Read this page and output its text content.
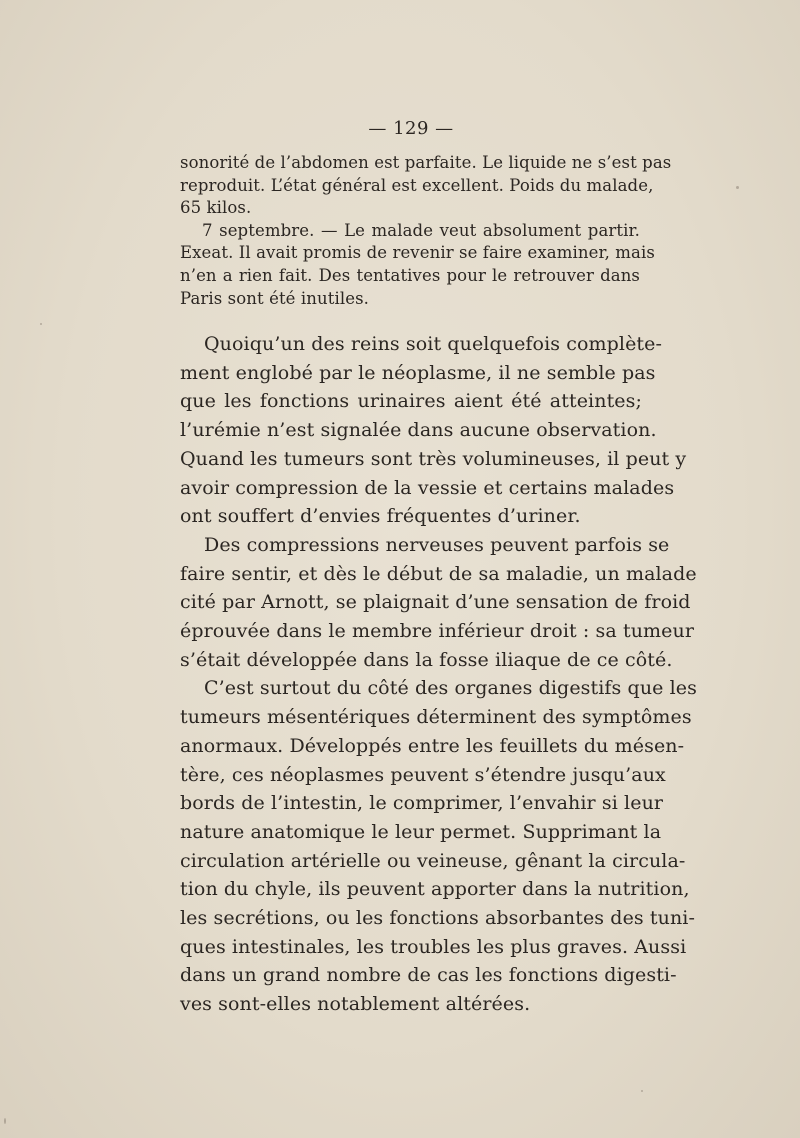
— 129 —
sonorité de l’abdomen est parfaite. Le liquide ne s’est pas
reproduit. L’état général est excellent. Poids du malade,
65 kilos.
7 septembre. — Le malade veut absolument partir.
Exeat. Il avait promis de revenir se faire examiner, mais
n’en a rien fait. Des tentatives pour le retrouver dans
Paris sont été inutiles.
Quoiqu’un des reins soit quelquefois complète-
ment englobé par le néoplasme, il ne semble pas
que les fonctions urinaires aient été atteintes;
l’urémie n’est signalée dans aucune observation.
Quand les tumeurs sont très volumineuses, il peut y
avoir compression de la vessie et certains malades
ont souffert d’envies fréquentes d’uriner.
Des compressions nerveuses peuvent parfois se
faire sentir, et dès le début de sa maladie, un malade
cité par Arnott, se plaignait d’une sensation de froid
éprouvée dans le membre inférieur droit : sa tumeur
s’était développée dans la fosse iliaque de ce côté.
C’est surtout du côté des organes digestifs que les
tumeurs mésentériques déterminent des symptômes
anormaux. Développés entre les feuillets du mésen-
tère, ces néoplasmes peuvent s’étendre jusqu’aux
bords de l’intestin, le comprimer, l’envahir si leur
nature anatomique le leur permet. Supprimant la
circulation artérielle ou veineuse, gênant la circula-
tion du chyle, ils peuvent apporter dans la nutrition,
les secrétions, ou les fonctions absorbantes des tuni-
ques intestinales, les troubles les plus graves. Aussi
dans un grand nombre de cas les fonctions digesti-
ves sont-elles notablement altérées.
